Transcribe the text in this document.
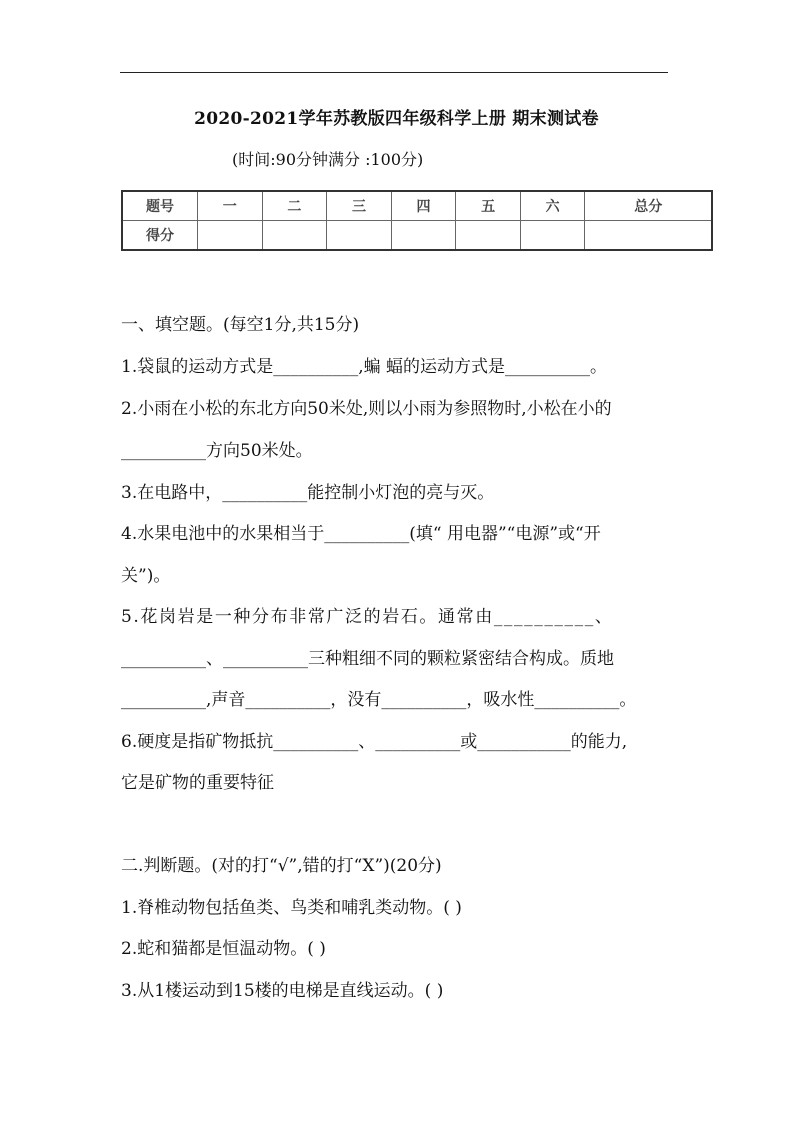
2020-2021学年苏教版四年级科学上册 期末测试卷
(时间:90分钟满分 :100分)
题号	一	二	三	四	五	六	总分
得分							
一、填空题。(每空1分,共15分)
1.袋鼠的运动方式是__________,蝙 蝠的运动方式是__________。
2.小雨在小松的东北方向50米处,则以小雨为参照物时,小松在小的
__________方向50米处。
3.在电路中，__________能控制小灯泡的亮与灭。
4.水果电池中的水果相当于__________(填“ 用电器”“电源”或“开
关”)。
5.花岗岩是一种分布非常广泛的岩石。通常由__________、
__________、__________三种粗细不同的颗粒紧密结合构成。质地
__________,声音__________，没有__________，吸水性__________。
6.硬度是指矿物抵抗__________、__________或___________的能力,
它是矿物的重要特征
二.判断题。(对的打“√”,错的打“X”)(20分)
1.脊椎动物包括鱼类、鸟类和哺乳类动物。( )
2.蛇和猫都是恒温动物。( )
3.从1楼运动到15楼的电梯是直线运动。( )
